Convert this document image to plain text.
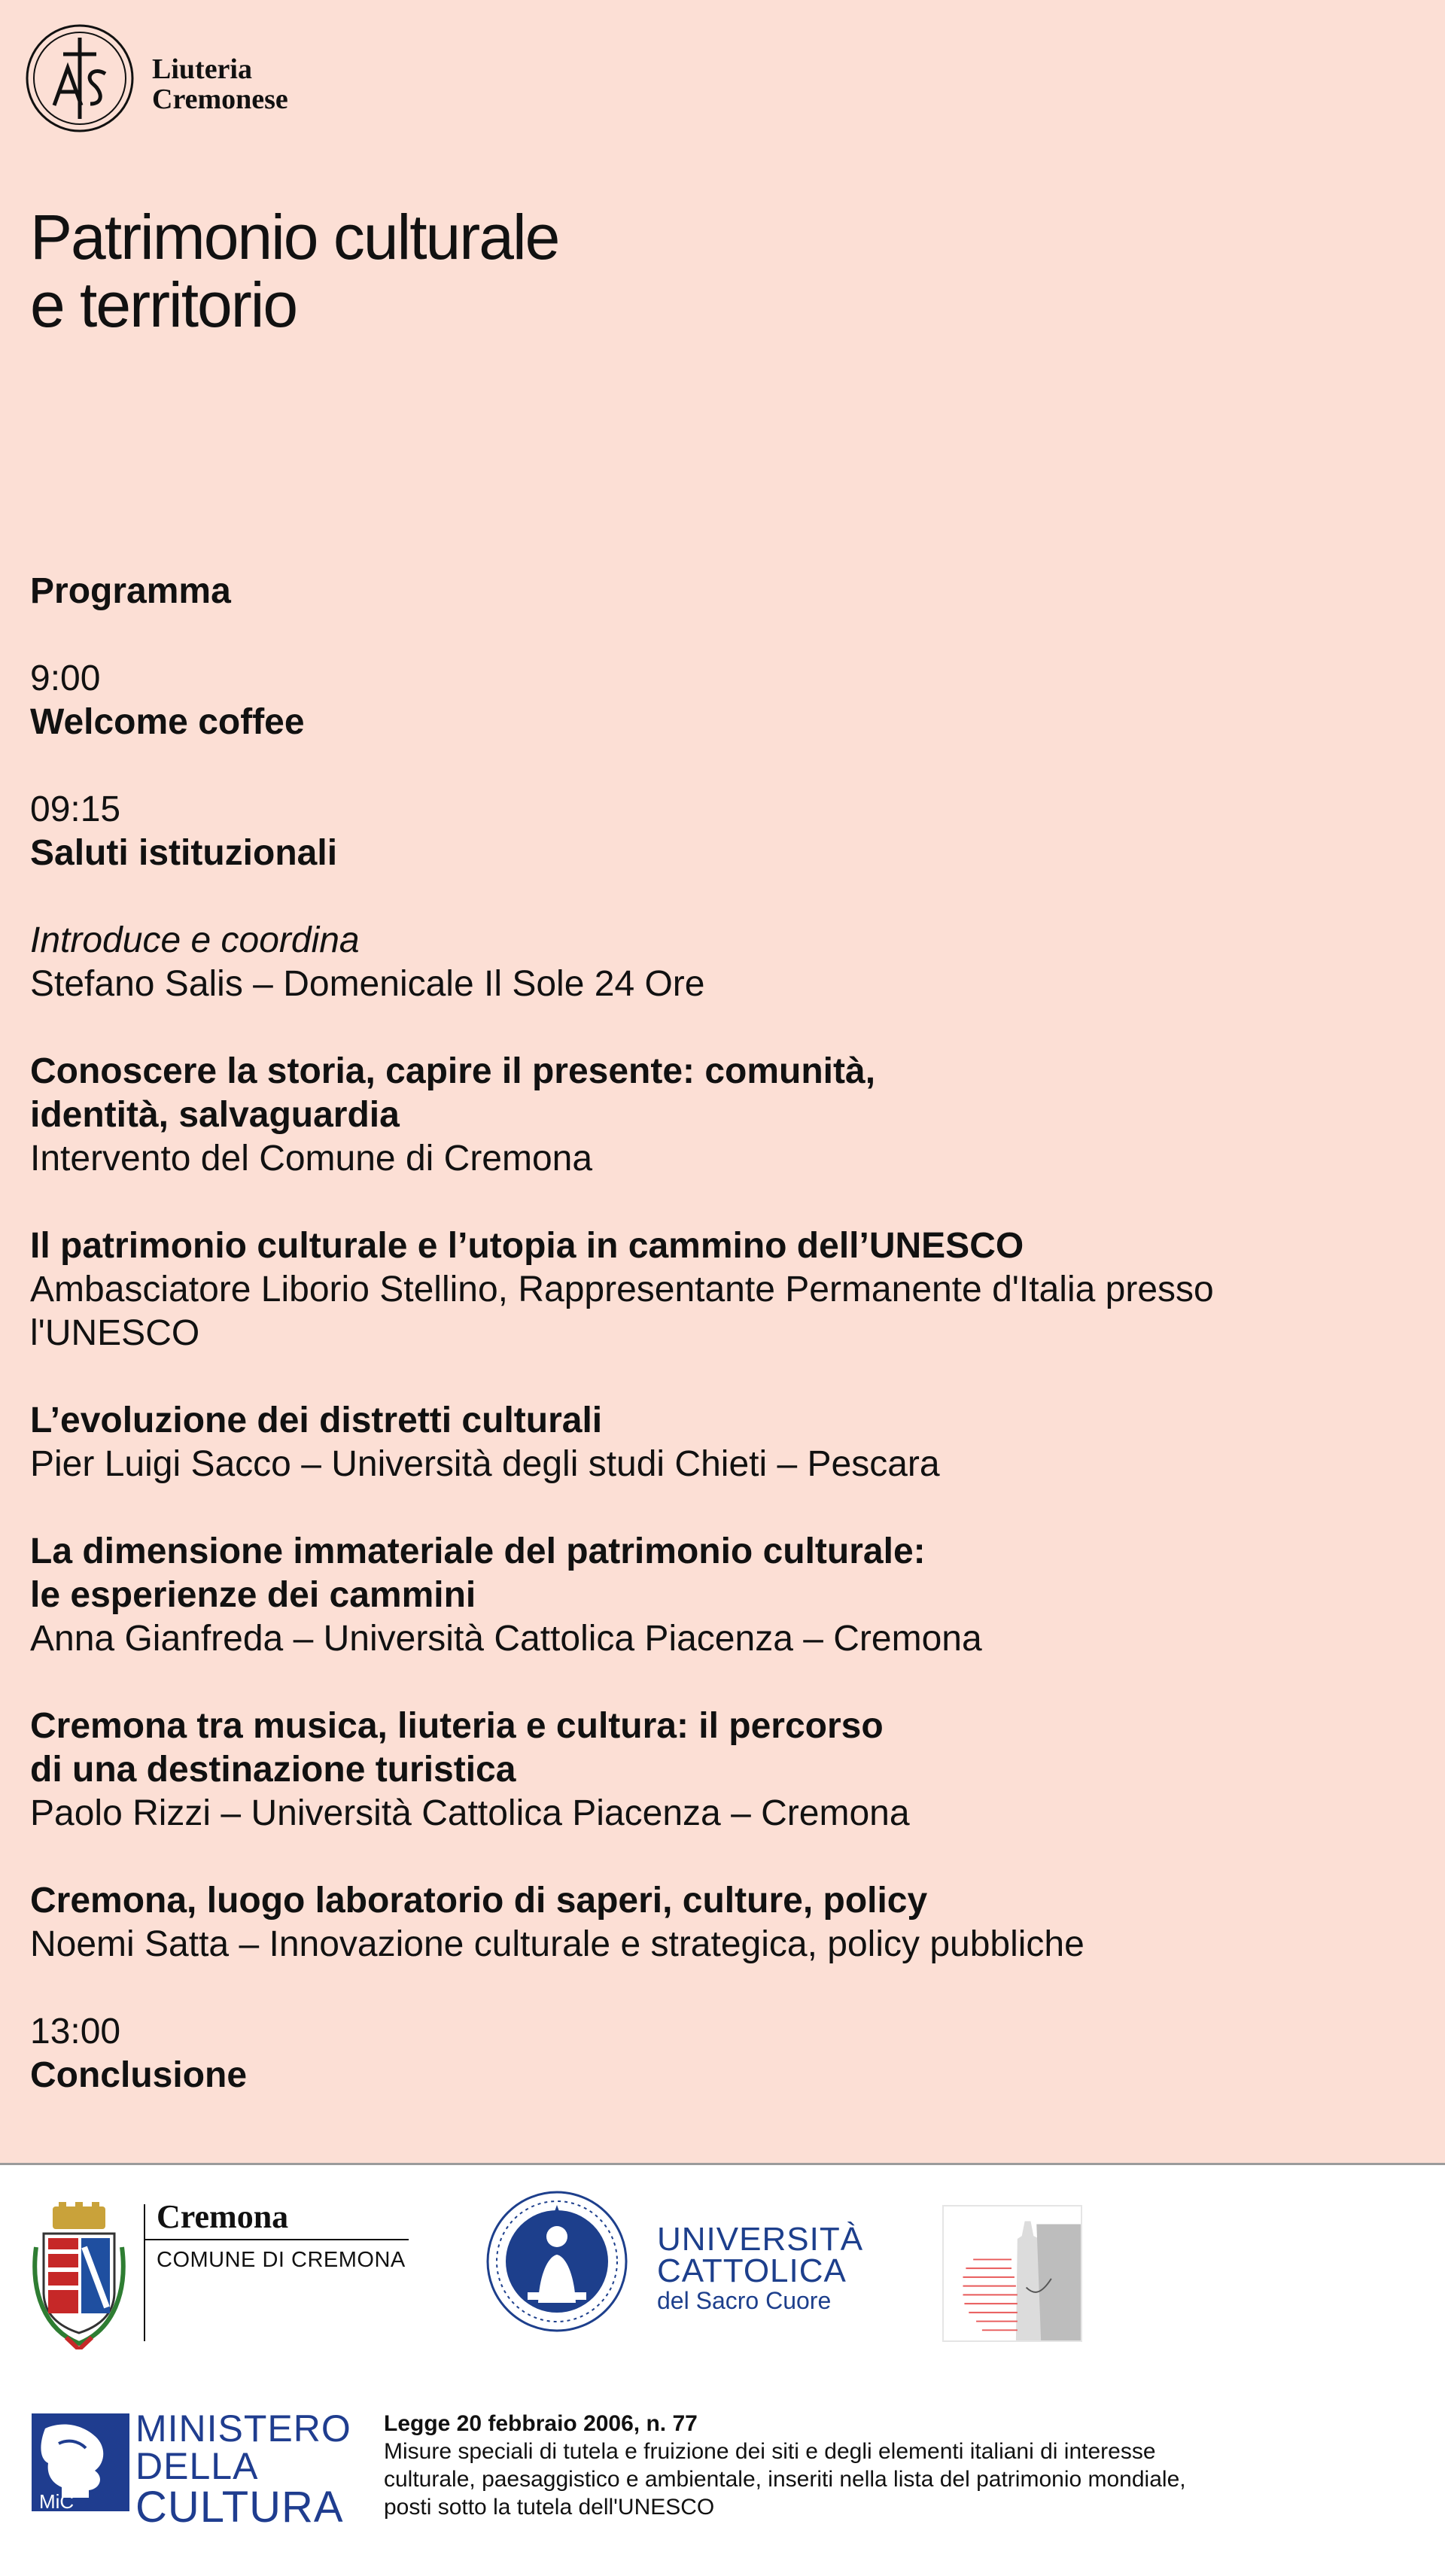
Liuteria
Cremonese
Patrimonio culturale
e territorio
Programma
9:00
Welcome coffee
09:15
Saluti istituzionali
Introduce e coordina
Stefano Salis – Domenicale Il Sole 24 Ore
Conoscere la storia, capire il presente: comunità,
identità, salvaguardia
Intervento del Comune di Cremona
Il patrimonio culturale e l’utopia in cammino dell’UNESCO
Ambasciatore Liborio Stellino, Rappresentante Permanente d'Italia presso
l'UNESCO
L’evoluzione dei distretti culturali
Pier Luigi Sacco – Università degli studi Chieti – Pescara
La dimensione immateriale del patrimonio culturale:
le esperienze dei cammini
Anna Gianfreda – Università Cattolica Piacenza – Cremona
Cremona tra musica, liuteria e cultura: il percorso
di una destinazione turistica
Paolo Rizzi – Università Cattolica Piacenza – Cremona
Cremona, luogo laboratorio di saperi, culture, policy
Noemi Satta – Innovazione culturale e strategica, policy pubbliche
13:00
Conclusione
Cremona
COMUNE DI CREMONA
UNIVERSITÀ
CATTOLICA
del Sacro Cuore
MiC
MINISTERO
DELLA
CULTURA
Legge 20 febbraio 2006, n. 77
Misure speciali di tutela e fruizione dei siti e degli elementi italiani di interesse
culturale, paesaggistico e ambientale, inseriti nella lista del patrimonio mondiale,
posti sotto la tutela dell'UNESCO
